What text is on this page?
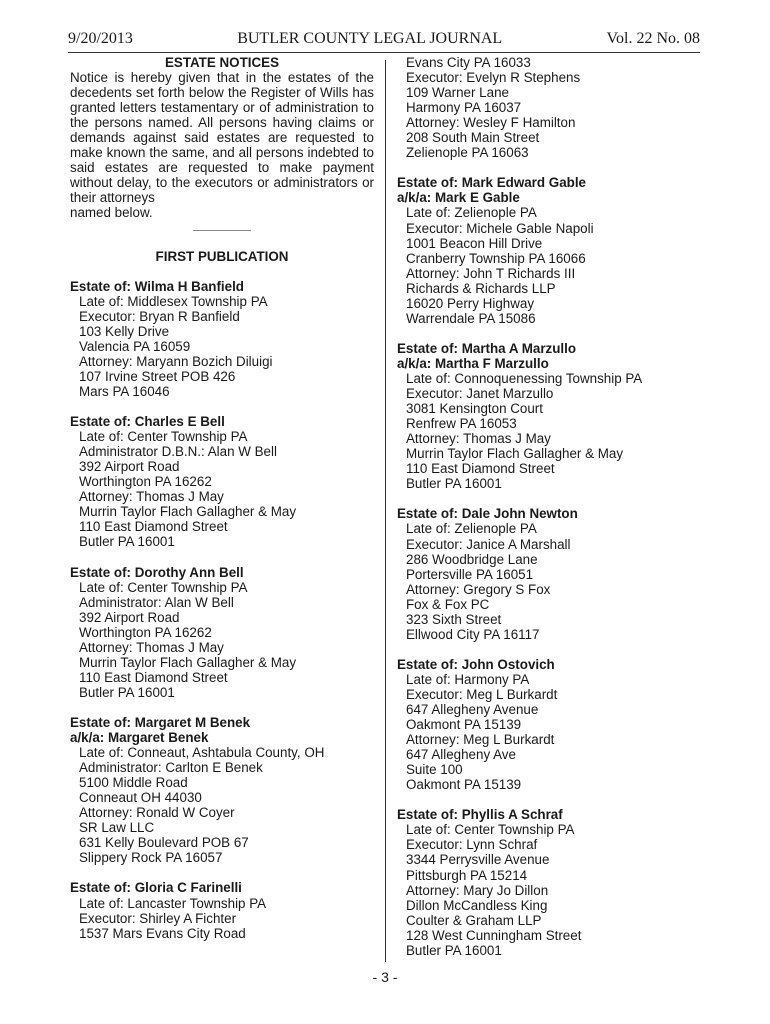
9/20/2013	BUTLER COUNTY LEGAL JOURNAL	Vol. 22 No. 08
ESTATE NOTICES
Notice is hereby given that in the estates of the decedents set forth below the Register of Wills has granted letters testamentary or of administration to the persons named. All persons having claims or demands against said estates are requested to make known the same, and all persons indebted to said estates are requested to make payment without delay, to the executors or administrators or their attorneys
named below.
FIRST PUBLICATION
Estate of: Wilma H Banfield
Late of: Middlesex Township PA
Executor: Bryan R Banfield
103 Kelly Drive
Valencia PA 16059
Attorney: Maryann Bozich Diluigi
107 Irvine Street POB 426
Mars PA 16046
Estate of: Charles E Bell
Late of: Center Township PA
Administrator D.B.N.: Alan W Bell
392 Airport Road
Worthington PA 16262
Attorney: Thomas J May
Murrin Taylor Flach Gallagher & May
110 East Diamond Street
Butler PA 16001
Estate of: Dorothy Ann Bell
Late of: Center Township PA
Administrator: Alan W Bell
392 Airport Road
Worthington PA 16262
Attorney: Thomas J May
Murrin Taylor Flach Gallagher & May
110 East Diamond Street
Butler PA 16001
Estate of: Margaret M Benek
a/k/a: Margaret Benek
Late of: Conneaut, Ashtabula County, OH
Administrator: Carlton E Benek
5100 Middle Road
Conneaut OH 44030
Attorney: Ronald W Coyer
SR Law LLC
631 Kelly Boulevard POB 67
Slippery Rock PA 16057
Estate of: Gloria C Farinelli
Late of: Lancaster Township PA
Executor: Shirley A Fichter
1537 Mars Evans City Road
Evans City PA 16033
Executor: Evelyn R Stephens
109 Warner Lane
Harmony PA 16037
Attorney: Wesley F Hamilton
208 South Main Street
Zelienople PA 16063
Estate of: Mark Edward Gable
a/k/a: Mark E Gable
Late of: Zelienople PA
Executor: Michele Gable Napoli
1001 Beacon Hill Drive
Cranberry Township PA 16066
Attorney: John T Richards III
Richards & Richards LLP
16020 Perry Highway
Warrendale PA 15086
Estate of: Martha A Marzullo
a/k/a: Martha F Marzullo
Late of: Connoquenessing Township PA
Executor: Janet Marzullo
3081 Kensington Court
Renfrew PA 16053
Attorney: Thomas J May
Murrin Taylor Flach Gallagher & May
110 East Diamond Street
Butler PA 16001
Estate of: Dale John Newton
Late of: Zelienople PA
Executor: Janice A Marshall
286 Woodbridge Lane
Portersville PA 16051
Attorney: Gregory S Fox
Fox & Fox PC
323 Sixth Street
Ellwood City PA 16117
Estate of: John Ostovich
Late of: Harmony PA
Executor: Meg L Burkardt
647 Allegheny Avenue
Oakmont PA 15139
Attorney: Meg L Burkardt
647 Allegheny Ave
Suite 100
Oakmont PA 15139
Estate of: Phyllis A Schraf
Late of: Center Township PA
Executor: Lynn Schraf
3344 Perrysville Avenue
Pittsburgh PA 15214
Attorney: Mary Jo Dillon
Dillon McCandless King
Coulter & Graham LLP
128 West Cunningham Street
Butler PA 16001
- 3 -
